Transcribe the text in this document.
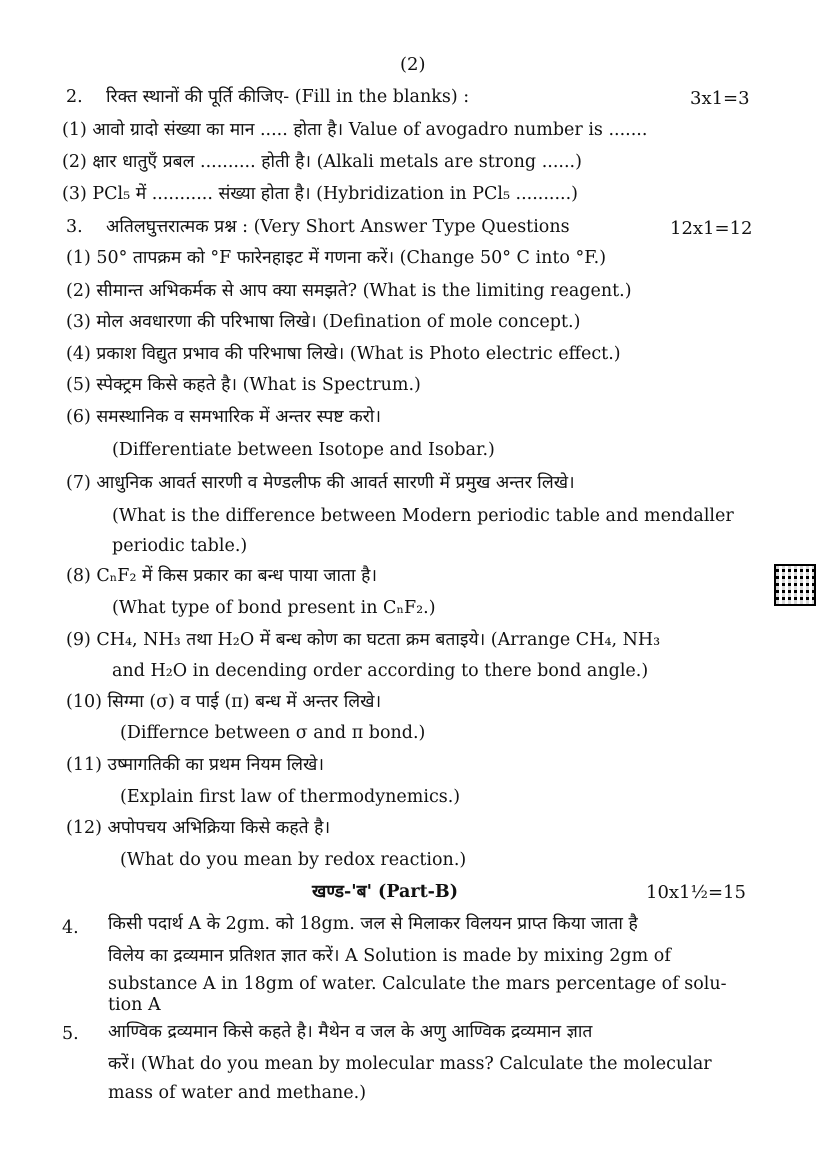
(2)
2. रिक्त स्थानों की पूर्ति कीजिए- (Fill in the blanks) :	3x1=3
(1) आवो ग्रादो संख्या का मान ..... होता है। Value of avogadro number is .......
(2) क्षार धातुएँ प्रबल .......... होती है। (Alkali metals are strong ......)
(3) PCl₅ में ........... संख्या होता है। (Hybridization in PCl₅ ..........)
3. अतिलघुत्तरात्मक प्रश्न : (Very Short Answer Type Questions	12x1=12
(1) 50° तापक्रम को °F फारेनहाइट में गणना करें। (Change 50° C into °F.)
(2) सीमान्त अभिकर्मक से आप क्या समझते? (What is the limiting reagent.)
(3) मोल अवधारणा की परिभाषा लिखे। (Defination of mole concept.)
(4) प्रकाश विद्युत प्रभाव की परिभाषा लिखे। (What is Photo electric effect.)
(5) स्पेक्ट्रम किसे कहते है। (What is Spectrum.)
(6) समस्थानिक व समभारिक में अन्तर स्पष्ट करो।
(Differentiate between Isotope and Isobar.)
(7) आधुनिक आवर्त सारणी व मेण्डलीफ की आवर्त सारणी में प्रमुख अन्तर लिखे।
(What is the difference between Modern periodic table and mendaller
periodic table.)
(8) CₙF₂ में किस प्रकार का बन्ध पाया जाता है।
(What type of bond present in CₙF₂.)
(9) CH₄, NH₃ तथा H₂O में बन्ध कोण का घटता क्रम बताइये। (Arrange CH₄, NH₃
and H₂O in decending order according to there bond angle.)
(10) सिग्मा (σ) व पाई (π) बन्ध में अन्तर लिखे।
(Differnce between σ and π bond.)
(11) उष्मागतिकी का प्रथम नियम लिखे।
(Explain first law of thermodynemics.)
(12) अपोपचय अभिक्रिया किसे कहते है।
(What do you mean by redox reaction.)
खण्ड-'ब' (Part-B)	10x1½=15
4. किसी पदार्थ A के 2gm. को 18gm. जल से मिलाकर विलयन प्राप्त किया जाता है
विलेय का द्रव्यमान प्रतिशत ज्ञात करें। A Solution is made by mixing 2gm of
substance A in 18gm of water. Calculate the mars percentage of solu-
tion A
5. आण्विक द्रव्यमान किसे कहते है। मैथेन व जल के अणु आण्विक द्रव्यमान ज्ञात
करें। (What do you mean by molecular mass? Calculate the molecular
mass of water and methane.)
